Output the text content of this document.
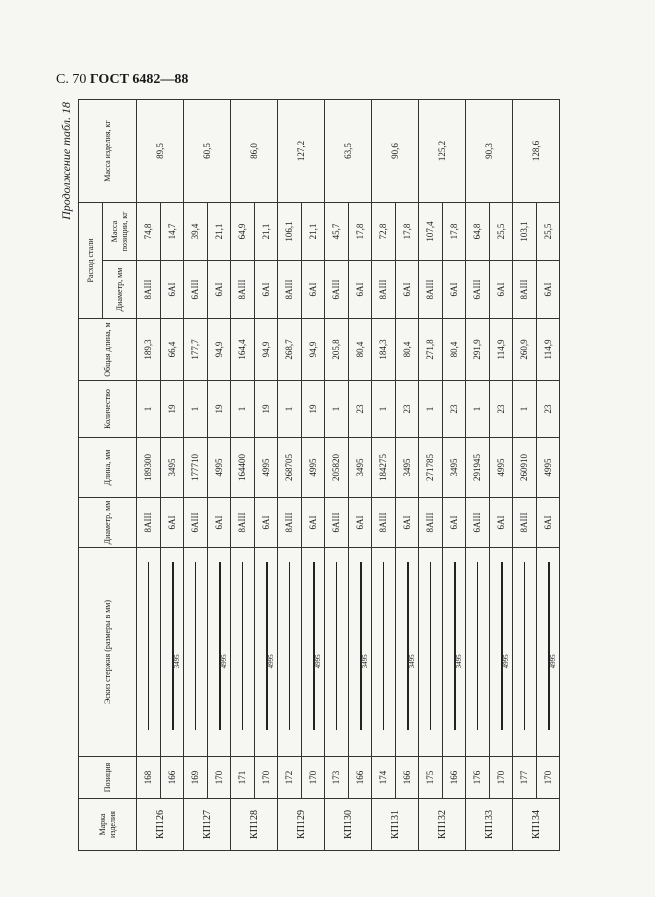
С. 70 ГОСТ 6482—88
Продолжение табл. 18
Марка изделия	Позиция	Эскиз стержня (размеры в мм)	Диаметр, мм	Длина, мм	Количество	Общая длина, м	Расход стали		Масса изделия, кг
							Диаметр, мм	Масса позиции, кг	
КП126	168		8АIII	189300	1	189,3	8АIII	74,8	89,5
	166	3495	6АI	3495	19	66,4	6АI	14,7	
КП127	169		6АIII	177710	1	177,7	6АIII	39,4	60,5
	170	4995	6АI	4995	19	94,9	6АI	21,1	
КП128	171		8АIII	164400	1	164,4	8АIII	64,9	86,0
	170	4995	6АI	4995	19	94,9	6АI	21,1	
КП129	172		8АIII	268705	1	268,7	8АIII	106,1	127,2
	170	4995	6АI	4995	19	94,9	6АI	21,1	
КП130	173		6АIII	205820	1	205,8	6АIII	45,7	63,5
	166	3495	6АI	3495	23	80,4	6АI	17,8	
КП131	174		8АIII	184275	1	184,3	8АIII	72,8	90,6
	166	3495	6АI	3495	23	80,4	6АI	17,8	
КП132	175		8АIII	271785	1	271,8	8АIII	107,4	125,2
	166	3495	6АI	3495	23	80,4	6АI	17,8	
КП133	176		6АIII	291945	1	291,9	6АIII	64,8	90,3
	170	4995	6АI	4995	23	114,9	6АI	25,5	
КП134	177		8АIII	260910	1	260,9	8АIII	103,1	128,6
	170	4995	6АI	4995	23	114,9	6АI	25,5	
